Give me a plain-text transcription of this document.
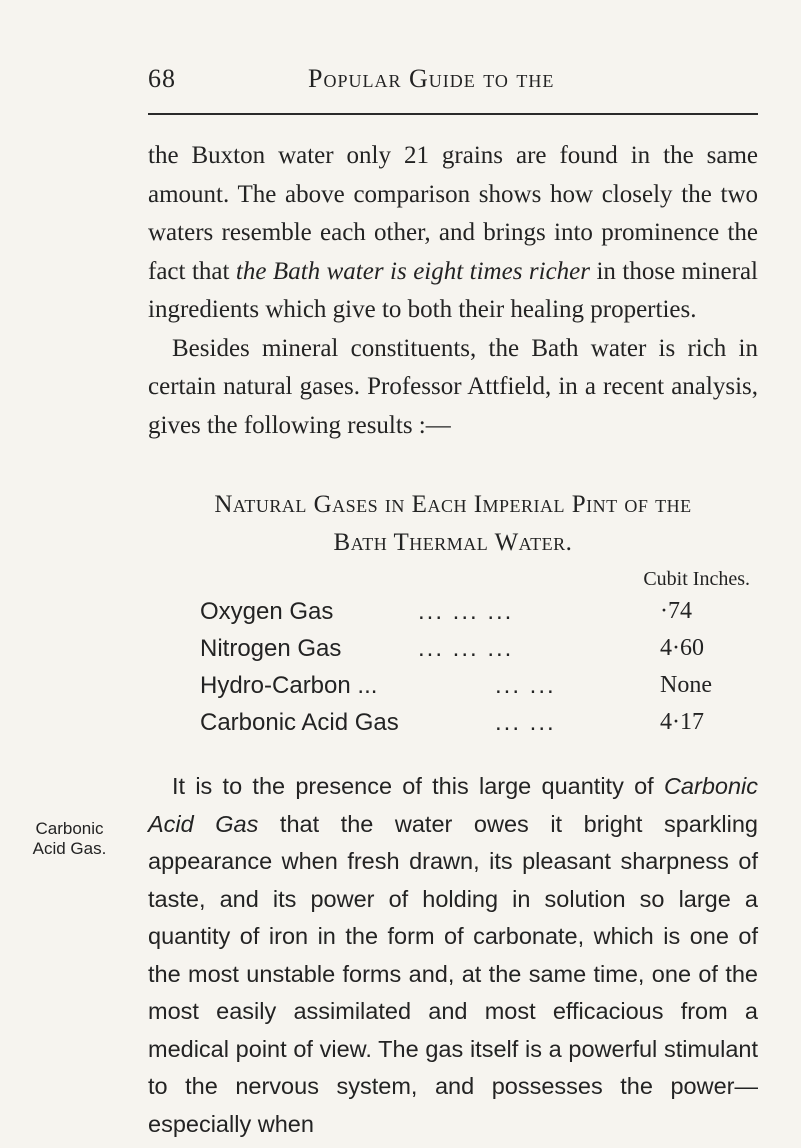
68	Popular Guide to the

the Buxton water only 21 grains are found in the same amount. The above comparison shows how closely the two waters resemble each other, and brings into prominence the fact that the Bath water is eight times richer in those mineral ingredients which give to both their healing properties.

Besides mineral constituents, the Bath water is rich in certain natural gases. Professor Attfield, in a recent analysis, gives the following results :—

Natural Gases in Each Imperial Pint of the
Bath Thermal Water.
Cubit Inches.
Oxygen Gas	... ... ...	·74
Nitrogen Gas	... ... ...	4·60
Hydro-Carbon ...	... ...	None
Carbonic Acid Gas	... ...	4·17
Carbonic
Acid Gas.

It is to the presence of this large quantity of Carbonic Acid Gas that the water owes it bright sparkling appearance when fresh drawn, its pleasant sharpness of taste, and its power of holding in solution so large a quantity of iron in the form of carbonate, which is one of the most unstable forms and, at the same time, one of the most easily assimilated and most efficacious from a medical point of view. The gas itself is a powerful stimulant to the nervous system, and possesses the power—especially when
